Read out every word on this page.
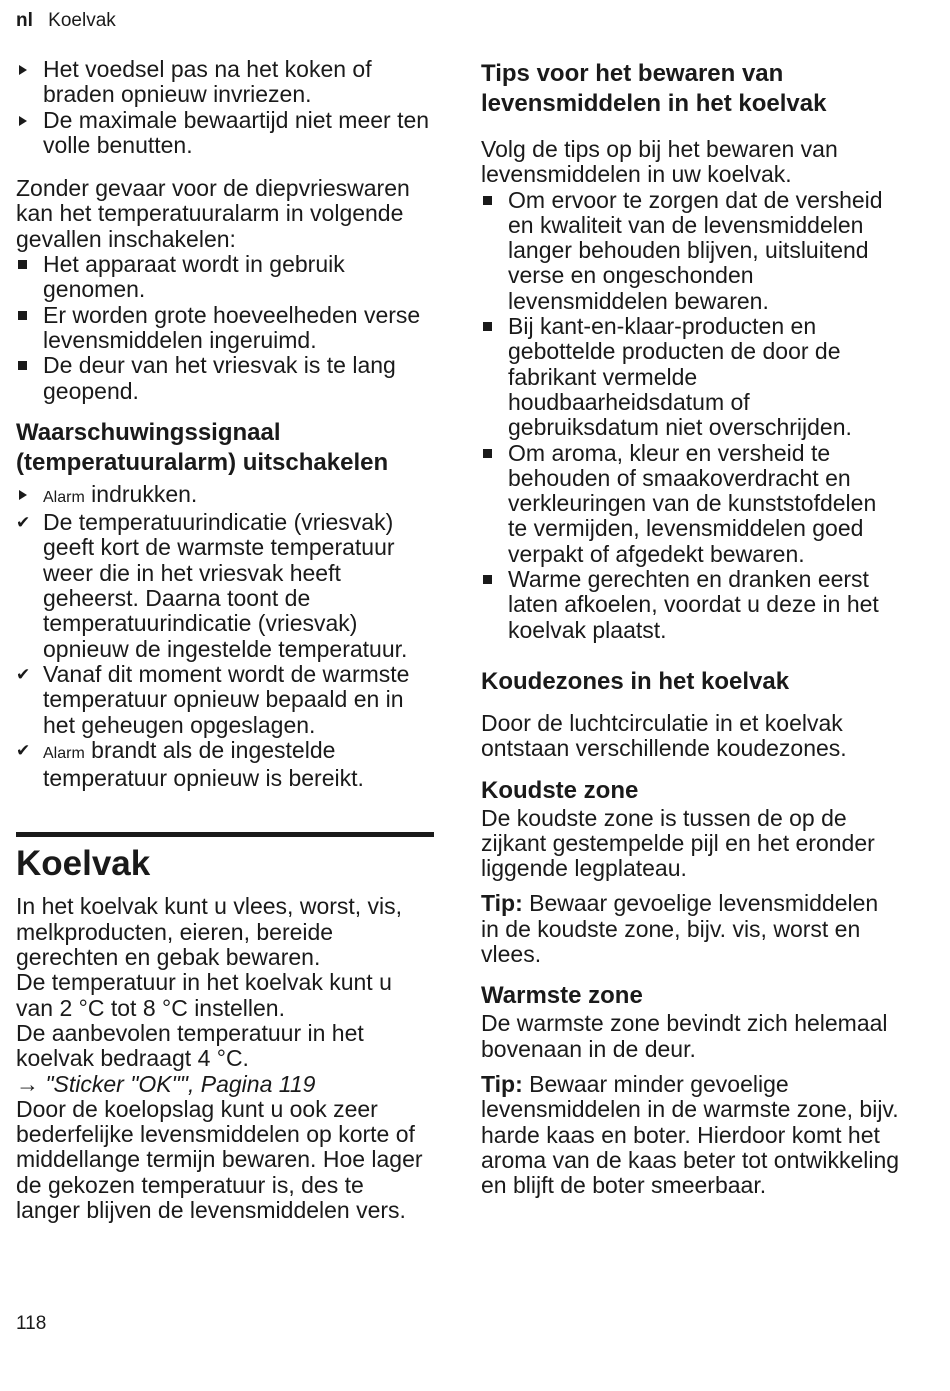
nl Koelvak
Het voedsel pas na het koken of braden opnieuw invriezen.
De maximale bewaartijd niet meer ten volle benutten.

Zonder gevaar voor de diepvrieswaren kan het temperatuuralarm in volgende gevallen inschakelen:

Het apparaat wordt in gebruik genomen.
Er worden grote hoeveelheden verse levensmiddelen ingeruimd.
De deur van het vriesvak is te lang geopend.
Waarschuwingssignaal (temperatuuralarm) uitschakelen
Alarm indrukken.
✔ De temperatuurindicatie (vriesvak) geeft kort de warmste temperatuur weer die in het vriesvak heeft geheerst. Daarna toont de temperatuurindicatie (vriesvak) opnieuw de ingestelde temperatuur.
✔ Vanaf dit moment wordt de warmste temperatuur opnieuw bepaald en in het geheugen opgeslagen.
✔ Alarm brandt als de ingestelde temperatuur opnieuw is bereikt.
Koelvak

In het koelvak kunt u vlees, worst, vis, melkproducten, eieren, bereide gerechten en gebak bewaren.

De temperatuur in het koelvak kunt u van 2 °C tot 8 °C instellen.

De aanbevolen temperatuur in het koelvak bedraagt 4 °C.

→ "Sticker "OK"", Pagina 119

Door de koelopslag kunt u ook zeer bederfelijke levensmiddelen op korte of middellange termijn bewaren. Hoe lager de gekozen temperatuur is, des te langer blijven de levensmiddelen vers.

Tips voor het bewaren van levensmiddelen in het koelvak

Volg de tips op bij het bewaren van levensmiddelen in uw koelvak.

Om ervoor te zorgen dat de versheid en kwaliteit van de levensmiddelen langer behouden blijven, uitsluitend verse en ongeschonden levensmiddelen bewaren.
Bij kant-en-klaar-producten en gebottelde producten de door de fabrikant vermelde houdbaarheidsdatum of gebruiksdatum niet overschrijden.
Om aroma, kleur en versheid te behouden of smaakoverdracht en verkleuringen van de kunststofdelen te vermijden, levensmiddelen goed verpakt of afgedekt bewaren.
Warme gerechten en dranken eerst laten afkoelen, voordat u deze in het koelvak plaatst.
Koudezones in het koelvak

Door de luchtcirculatie in et koelvak ontstaan verschillende koudezones.

Koudste zone

De koudste zone is tussen de op de zijkant gestempelde pijl en het eronder liggende legplateau.

Tip: Bewaar gevoelige levensmiddelen in de koudste zone, bijv. vis, worst en vlees.

Warmste zone

De warmste zone bevindt zich helemaal bovenaan in de deur.

Tip: Bewaar minder gevoelige levensmiddelen in de warmste zone, bijv. harde kaas en boter. Hierdoor komt het aroma van de kaas beter tot ontwikkeling en blijft de boter smeerbaar.

118
